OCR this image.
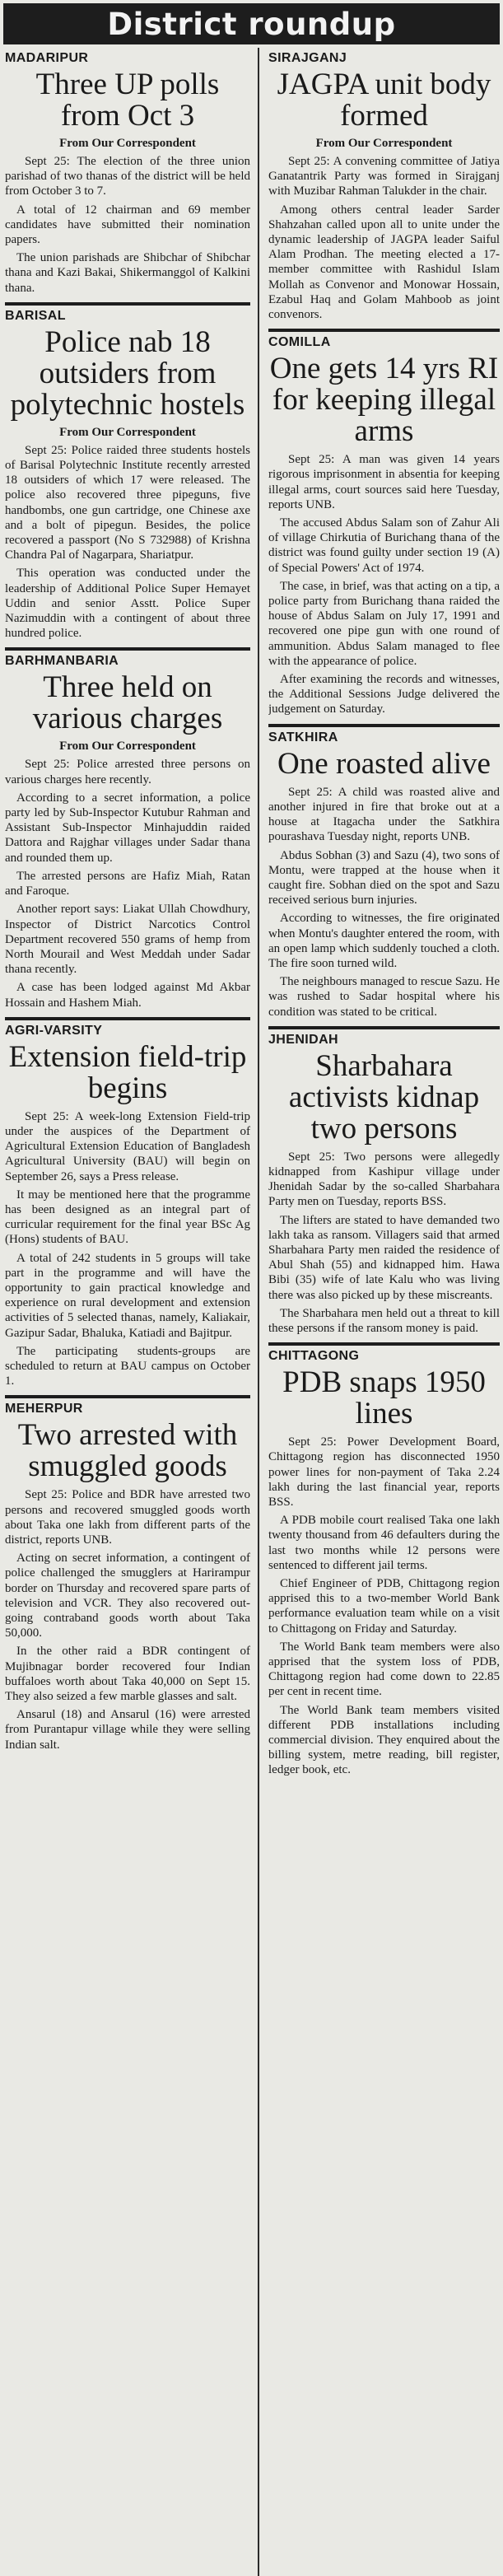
District roundup
MADARIPUR
Three UP polls from Oct 3
From Our Correspondent

Sept 25: The election of the three union parishad of two thanas of the district will be held from October 3 to 7.

A total of 12 chairman and 69 member candidates have submitted their nomination papers.

The union parishads are Shibchar of Shibchar thana and Kazi Bakai, Shikermanggol of Kalkini thana.

BARISAL
Police nab 18 outsiders from polytechnic hostels
From Our Correspondent

Sept 25: Police raided three students hostels of Barisal Polytechnic Institute recently arrested 18 outsiders of which 17 were released. The police also recovered three pipeguns, five handbombs, one gun cartridge, one Chinese axe and a bolt of pipegun. Besides, the police recovered a passport (No S 732988) of Krishna Chandra Pal of Nagarpara, Shariatpur.

This operation was conducted under the leadership of Additional Police Super Hemayet Uddin and senior Asstt. Police Super Nazimuddin with a contingent of about three hundred police.

BARHMANBARIA
Three held on various charges
From Our Correspondent

Sept 25: Police arrested three persons on various charges here recently.

According to a secret information, a police party led by Sub-Inspector Kutubur Rahman and Assistant Sub-Inspector Minhajuddin raided Dattora and Rajghar villages under Sadar thana and rounded them up.

The arrested persons are Hafiz Miah, Ratan and Faroque.

Another report says: Liakat Ullah Chowdhury, Inspector of District Narcotics Control Department recovered 550 grams of hemp from North Mourail and West Meddah under Sadar thana recently.

A case has been lodged against Md Akbar Hossain and Hashem Miah.

AGRI-VARSITY
Extension field-trip begins

Sept 25: A week-long Extension Field-trip under the auspices of the Department of Agricultural Extension Education of Bangladesh Agricultural University (BAU) will begin on September 26, says a Press release.

It may be mentioned here that the programme has been designed as an integral part of curricular requirement for the final year BSc Ag (Hons) students of BAU.

A total of 242 students in 5 groups will take part in the programme and will have the opportunity to gain practical knowledge and experience on rural development and extension activities of 5 selected thanas, namely, Kaliakair, Gazipur Sadar, Bhaluka, Katiadi and Bajitpur.

The participating students-groups are scheduled to return at BAU campus on October 1.

MEHERPUR
Two arrested with smuggled goods

Sept 25: Police and BDR have arrested two persons and recovered smuggled goods worth about Taka one lakh from different parts of the district, reports UNB.

Acting on secret information, a contingent of police challenged the smugglers at Harirampur border on Thursday and recovered spare parts of television and VCR. They also recovered out-going contraband goods worth about Taka 50,000.

In the other raid a BDR contingent of Mujibnagar border recovered four Indian buffaloes worth about Taka 40,000 on Sept 15. They also seized a few marble glasses and salt.

Ansarul (18) and Ansarul (16) were arrested from Purantapur village while they were selling Indian salt.

SIRAJGANJ
JAGPA unit body formed
From Our Correspondent

Sept 25: A convening committee of Jatiya Ganatantrik Party was formed in Sirajganj with Muzibar Rahman Talukder in the chair.

Among others central leader Sarder Shahzahan called upon all to unite under the dynamic leadership of JAGPA leader Saiful Alam Prodhan. The meeting elected a 17-member committee with Rashidul Islam Mollah as Convenor and Monowar Hossain, Ezabul Haq and Golam Mahboob as joint convenors.

COMILLA
One gets 14 yrs RI for keeping illegal arms

Sept 25: A man was given 14 years rigorous imprisonment in absentia for keeping illegal arms, court sources said here Tuesday, reports UNB.

The accused Abdus Salam son of Zahur Ali of village Chirkutia of Burichang thana of the district was found guilty under section 19 (A) of Special Powers' Act of 1974.

The case, in brief, was that acting on a tip, a police party from Burichang thana raided the house of Abdus Salam on July 17, 1991 and recovered one pipe gun with one round of ammunition. Abdus Salam managed to flee with the appearance of police.

After examining the records and witnesses, the Additional Sessions Judge delivered the judgement on Saturday.

SATKHIRA
One roasted alive

Sept 25: A child was roasted alive and another injured in fire that broke out at a house at Itagacha under the Satkhira pourashava Tuesday night, reports UNB.

Abdus Sobhan (3) and Sazu (4), two sons of Montu, were trapped at the house when it caught fire. Sobhan died on the spot and Sazu received serious burn injuries.

According to witnesses, the fire originated when Montu's daughter entered the room, with an open lamp which suddenly touched a cloth. The fire soon turned wild.

The neighbours managed to rescue Sazu. He was rushed to Sadar hospital where his condition was stated to be critical.

JHENIDAH
Sharbahara activists kidnap two persons

Sept 25: Two persons were allegedly kidnapped from Kashipur village under Jhenidah Sadar by the so-called Sharbahara Party men on Tuesday, reports BSS.

The lifters are stated to have demanded two lakh taka as ransom. Villagers said that armed Sharbahara Party men raided the residence of Abul Shah (55) and kidnapped him. Hawa Bibi (35) wife of late Kalu who was living there was also picked up by these miscreants.

The Sharbahara men held out a threat to kill these persons if the ransom money is paid.

CHITTAGONG
PDB snaps 1950 lines

Sept 25: Power Development Board, Chittagong region has disconnected 1950 power lines for non-payment of Taka 2.24 lakh during the last financial year, reports BSS.

A PDB mobile court realised Taka one lakh twenty thousand from 46 defaulters during the last two months while 12 persons were sentenced to different jail terms.

Chief Engineer of PDB, Chittagong region apprised this to a two-member World Bank performance evaluation team while on a visit to Chittagong on Friday and Saturday.

The World Bank team members were also apprised that the system loss of PDB, Chittagong region had come down to 22.85 per cent in recent time.

The World Bank team members visited different PDB installations including commercial division. They enquired about the billing system, metre reading, bill register, ledger book, etc.
